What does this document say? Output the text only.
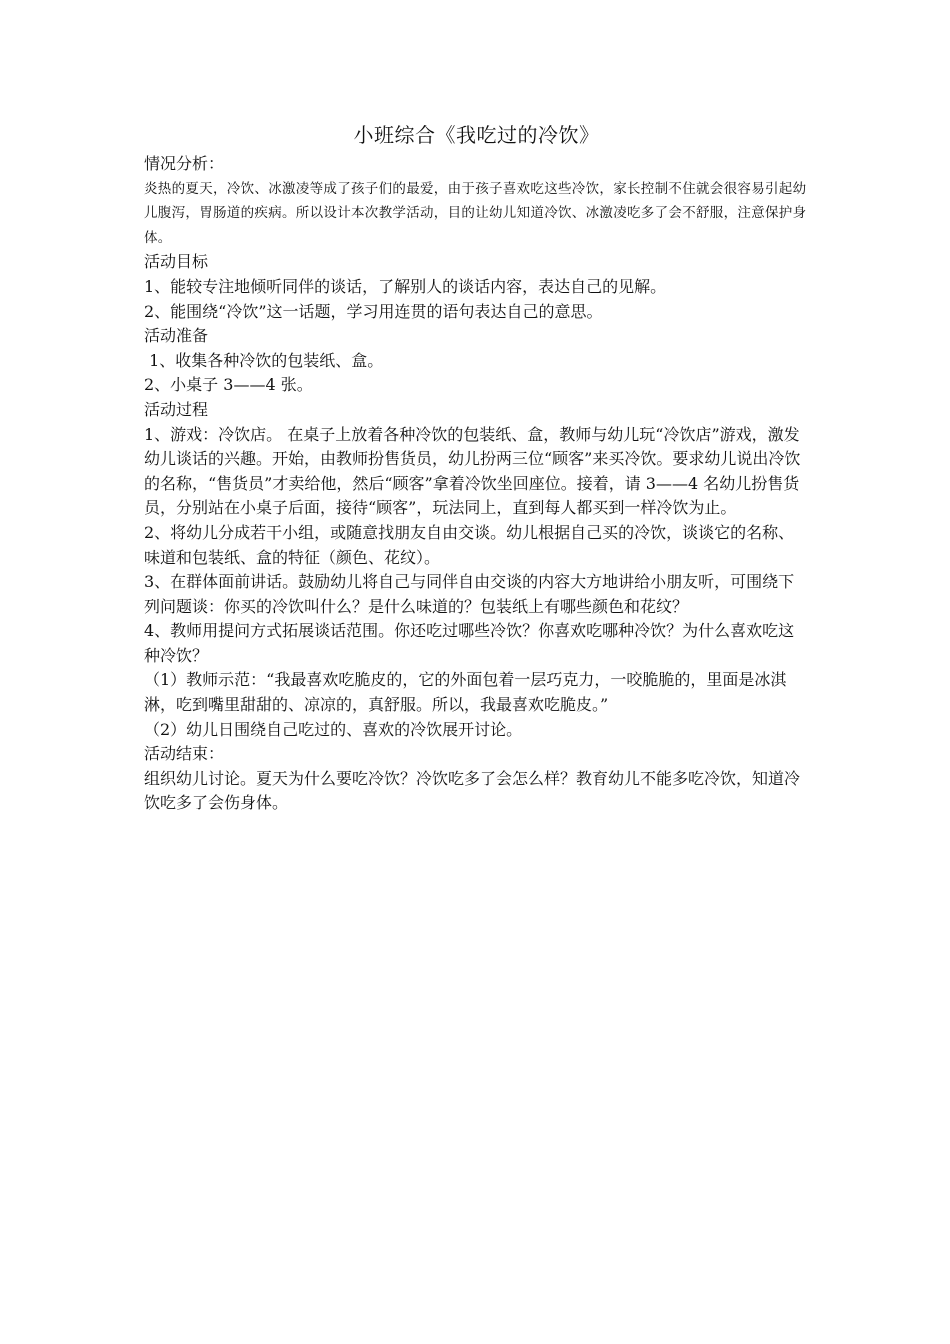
小班综合《我吃过的冷饮》
情况分析：
炎热的夏天，冷饮、冰激凌等成了孩子们的最爱，由于孩子喜欢吃这些冷饮，家长控制不住就会很容易引起幼儿腹泻，胃肠道的疾病。所以设计本次教学活动，目的让幼儿知道冷饮、冰激凌吃多了会不舒服，注意保护身体。
活动目标
1、能较专注地倾听同伴的谈话，了解别人的谈话内容，表达自己的见解。
2、能围绕“冷饮”这一话题，学习用连贯的语句表达自己的意思。
活动准备
1、收集各种冷饮的包装纸、盒。
2、小桌子 3——4 张。
活动过程
1、游戏：冷饮店。 在桌子上放着各种冷饮的包装纸、盒，教师与幼儿玩“冷饮店”游戏，激发幼儿谈话的兴趣。开始，由教师扮售货员，幼儿扮两三位“顾客”来买冷饮。要求幼儿说出冷饮的名称，“售货员”才卖给他，然后“顾客”拿着冷饮坐回座位。接着，请 3——4 名幼儿扮售货员，分别站在小桌子后面，接待“顾客”，玩法同上，直到每人都买到一样冷饮为止。
2、将幼儿分成若干小组，或随意找朋友自由交谈。幼儿根据自己买的冷饮，谈谈它的名称、味道和包装纸、盒的特征（颜色、花纹）。
3、在群体面前讲话。鼓励幼儿将自己与同伴自由交谈的内容大方地讲给小朋友听，可围绕下列问题谈：你买的冷饮叫什么？是什么味道的？包装纸上有哪些颜色和花纹？
4、教师用提问方式拓展谈话范围。你还吃过哪些冷饮？你喜欢吃哪种冷饮？为什么喜欢吃这种冷饮？
（1）教师示范：“我最喜欢吃脆皮的，它的外面包着一层巧克力，一咬脆脆的，里面是冰淇淋，吃到嘴里甜甜的、凉凉的，真舒服。所以，我最喜欢吃脆皮。”
（2）幼儿日围绕自己吃过的、喜欢的冷饮展开讨论。
活动结束：
组织幼儿讨论。夏天为什么要吃冷饮？冷饮吃多了会怎么样？教育幼儿不能多吃冷饮，知道冷饮吃多了会伤身体。
